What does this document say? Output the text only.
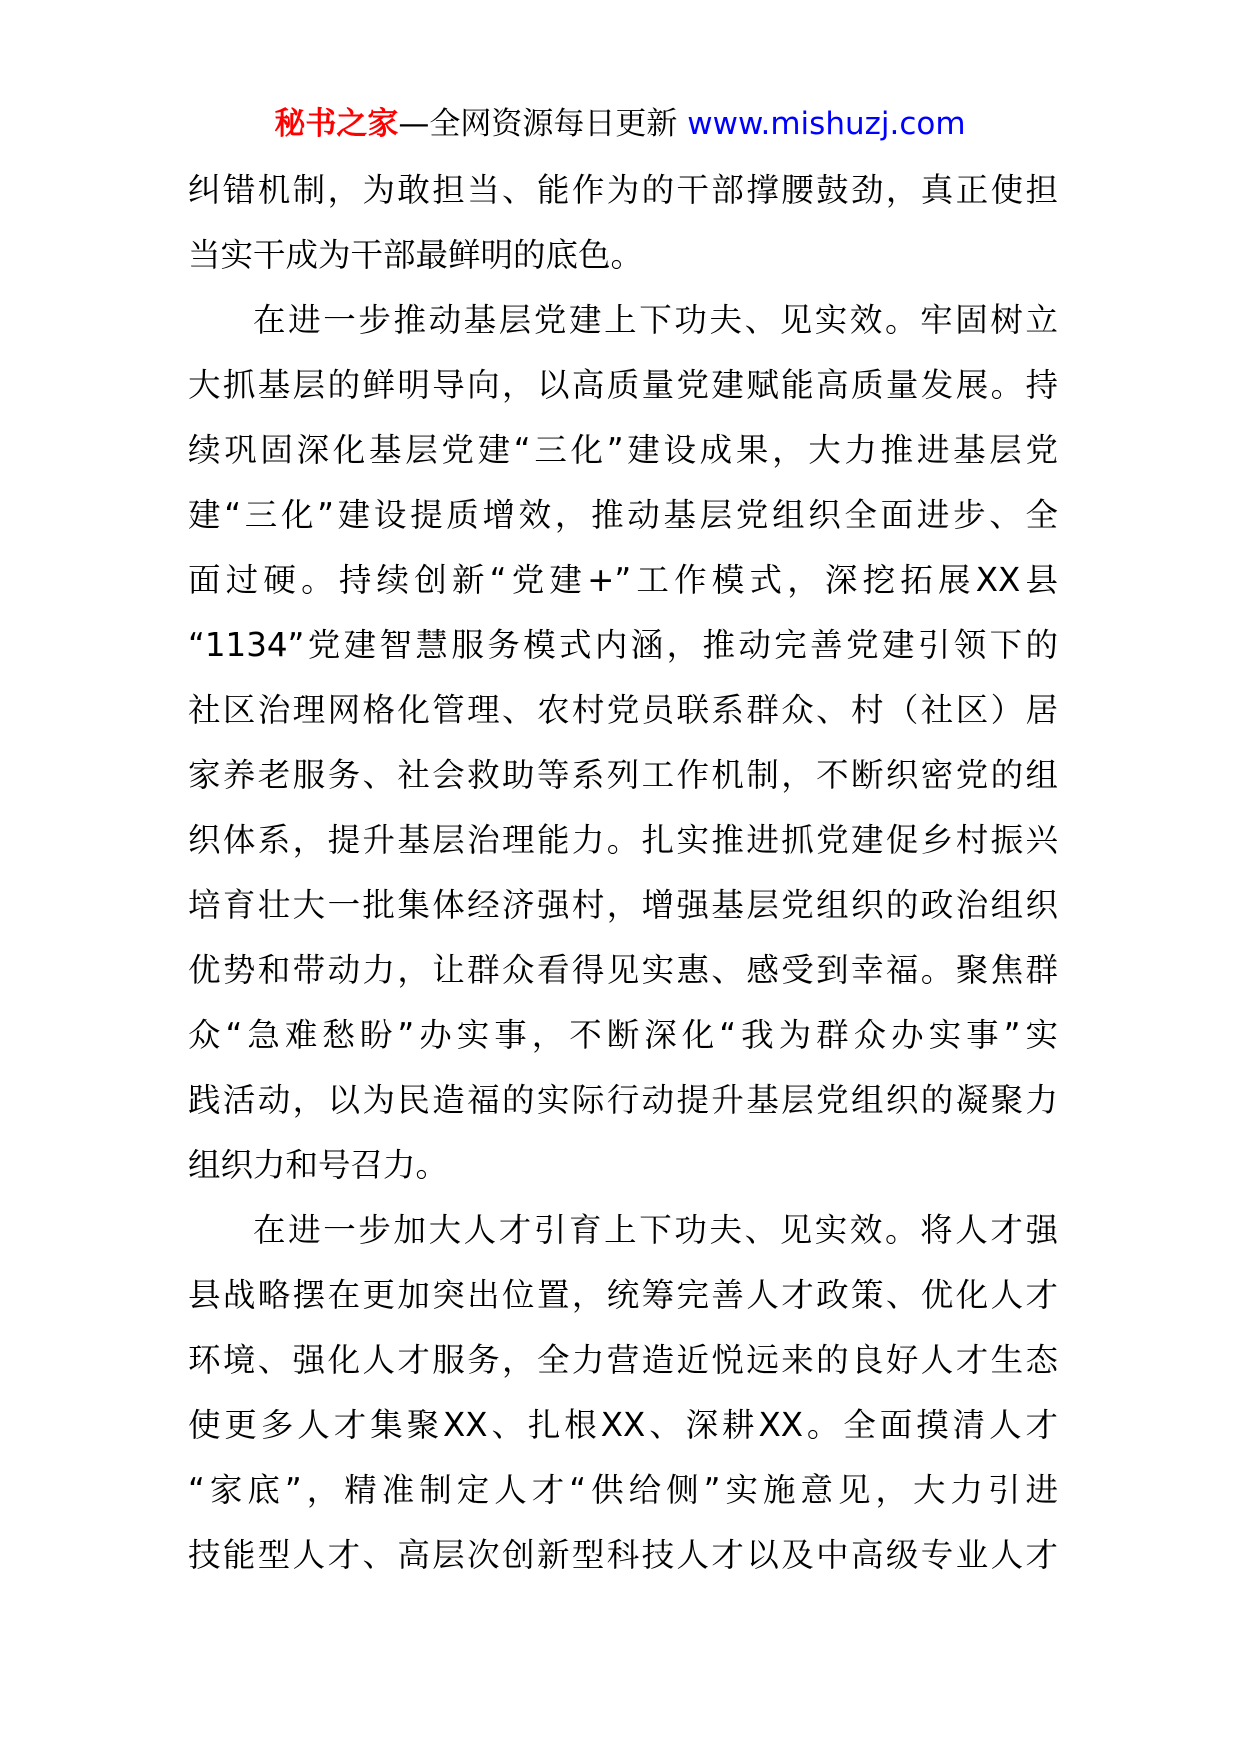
秘书之家—全网资源每日更新 www.mishuzj.com
纠错机制，为敢担当、能作为的干部撑腰鼓劲，真正使担
当实干成为干部最鲜明的底色。
在进一步推动基层党建上下功夫、见实效。牢固树立
大抓基层的鲜明导向，以高质量党建赋能高质量发展。持
续巩固深化基层党建“三化”建设成果，大力推进基层党
建“三化”建设提质增效，推动基层党组织全面进步、全
面过硬。持续创新“党建+”工作模式，深挖拓展XX县
“1134”党建智慧服务模式内涵，推动完善党建引领下的
社区治理网格化管理、农村党员联系群众、村（社区）居
家养老服务、社会救助等系列工作机制，不断织密党的组
织体系，提升基层治理能力。扎实推进抓党建促乡村振兴
培育壮大一批集体经济强村，增强基层党组织的政治组织
优势和带动力，让群众看得见实惠、感受到幸福。聚焦群
众“急难愁盼”办实事，不断深化“我为群众办实事”实
践活动，以为民造福的实际行动提升基层党组织的凝聚力
组织力和号召力。
在进一步加大人才引育上下功夫、见实效。将人才强
县战略摆在更加突出位置，统筹完善人才政策、优化人才
环境、强化人才服务，全力营造近悦远来的良好人才生态
使更多人才集聚XX、扎根XX、深耕XX。全面摸清人才
“家底”，精准制定人才“供给侧”实施意见，大力引进
技能型人才、高层次创新型科技人才以及中高级专业人才
